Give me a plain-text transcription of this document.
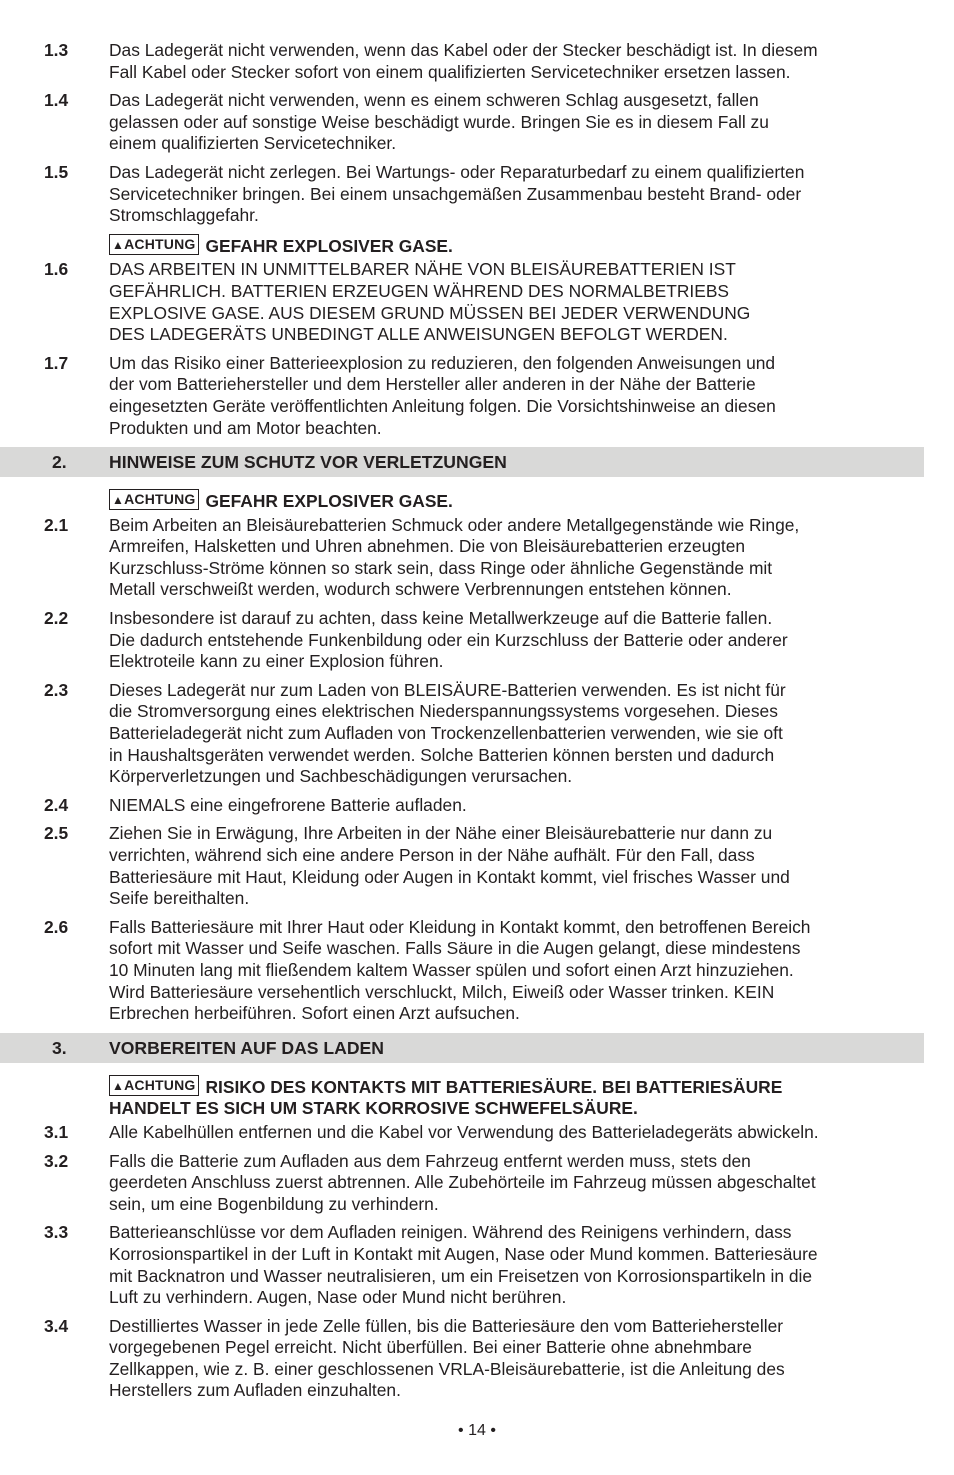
1.3	Das Ladegerät nicht verwenden, wenn das Kabel oder der Stecker beschädigt ist. In diesem
Fall Kabel oder Stecker sofort von einem qualifizierten Servicetechniker ersetzen lassen.
1.4	Das Ladegerät nicht verwenden, wenn es einem schweren Schlag ausgesetzt, fallen
gelassen oder auf sonstige Weise beschädigt wurde. Bringen Sie es in diesem Fall zu
einem qualifizierten Servicetechniker.
1.5	Das Ladegerät nicht zerlegen. Bei Wartungs- oder Reparaturbedarf zu einem qualifizierten
Servicetechniker bringen. Bei einem unsachgemäßen Zusammenbau besteht Brand- oder
Stromschlaggefahr.
▲ACHTUNG GEFAHR EXPLOSIVER GASE.
1.6	DAS ARBEITEN IN UNMITTELBARER NÄHE VON BLEISÄUREBATTERIEN IST
GEFÄHRLICH. BATTERIEN ERZEUGEN WÄHREND DES NORMALBETRIEBS
EXPLOSIVE GASE. AUS DIESEM GRUND MÜSSEN BEI JEDER VERWENDUNG
DES LADEGERÄTS UNBEDINGT ALLE ANWEISUNGEN BEFOLGT WERDEN.
1.7	Um das Risiko einer Batterieexplosion zu reduzieren, den folgenden Anweisungen und
der vom Batteriehersteller und dem Hersteller aller anderen in der Nähe der Batterie
eingesetzten Geräte veröffentlichten Anleitung folgen. Die Vorsichtshinweise an diesen
Produkten und am Motor beachten.
2.	HINWEISE ZUM SCHUTZ VOR VERLETZUNGEN
▲ACHTUNG GEFAHR EXPLOSIVER GASE.
2.1	Beim Arbeiten an Bleisäurebatterien Schmuck oder andere Metallgegenstände wie Ringe,
Armreifen, Halsketten und Uhren abnehmen. Die von Bleisäurebatterien erzeugten
Kurzschluss-Ströme können so stark sein, dass Ringe oder ähnliche Gegenstände mit
Metall verschweißt werden, wodurch schwere Verbrennungen entstehen können.
2.2	Insbesondere ist darauf zu achten, dass keine Metallwerkzeuge auf die Batterie fallen.
Die dadurch entstehende Funkenbildung oder ein Kurzschluss der Batterie oder anderer
Elektroteile kann zu einer Explosion führen.
2.3	Dieses Ladegerät nur zum Laden von BLEISÄURE-Batterien verwenden. Es ist nicht für
die Stromversorgung eines elektrischen Niederspannungssystems vorgesehen. Dieses
Batterieladegerät nicht zum Aufladen von Trockenzellenbatterien verwenden, wie sie oft
in Haushaltsgeräten verwendet werden. Solche Batterien können bersten und dadurch
Körperverletzungen und Sachbeschädigungen verursachen.
2.4	NIEMALS eine eingefrorene Batterie aufladen.
2.5	Ziehen Sie in Erwägung, Ihre Arbeiten in der Nähe einer Bleisäurebatterie nur dann zu
verrichten, während sich eine andere Person in der Nähe aufhält. Für den Fall, dass
Batteriesäure mit Haut, Kleidung oder Augen in Kontakt kommt, viel frisches Wasser und
Seife bereithalten.
2.6	Falls Batteriesäure mit Ihrer Haut oder Kleidung in Kontakt kommt, den betroffenen Bereich
sofort mit Wasser und Seife waschen. Falls Säure in die Augen gelangt, diese mindestens
10 Minuten lang mit fließendem kaltem Wasser spülen und sofort einen Arzt hinzuziehen.
Wird Batteriesäure versehentlich verschluckt, Milch, Eiweiß oder Wasser trinken. KEIN
Erbrechen herbeiführen. Sofort einen Arzt aufsuchen.
3.	VORBEREITEN AUF DAS LADEN
▲ACHTUNG RISIKO DES KONTAKTS MIT BATTERIESÄURE. BEI BATTERIESÄURE
HANDELT ES SICH UM STARK KORROSIVE SCHWEFELSÄURE.
3.1	Alle Kabelhüllen entfernen und die Kabel vor Verwendung des Batterieladegeräts abwickeln.
3.2	Falls die Batterie zum Aufladen aus dem Fahrzeug entfernt werden muss, stets den
geerdeten Anschluss zuerst abtrennen. Alle Zubehörteile im Fahrzeug müssen abgeschaltet
sein, um eine Bogenbildung zu verhindern.
3.3	Batterieanschlüsse vor dem Aufladen reinigen. Während des Reinigens verhindern, dass
Korrosionspartikel in der Luft in Kontakt mit Augen, Nase oder Mund kommen. Batteriesäure
mit Backnatron und Wasser neutralisieren, um ein Freisetzen von Korrosionspartikeln in die
Luft zu verhindern. Augen, Nase oder Mund nicht berühren.
3.4	Destilliertes Wasser in jede Zelle füllen, bis die Batteriesäure den vom Batteriehersteller
vorgegebenen Pegel erreicht. Nicht überfüllen. Bei einer Batterie ohne abnehmbare
Zellkappen, wie z. B. einer geschlossenen VRLA-Bleisäurebatterie, ist die Anleitung des
Herstellers zum Aufladen einzuhalten.
• 14 •
